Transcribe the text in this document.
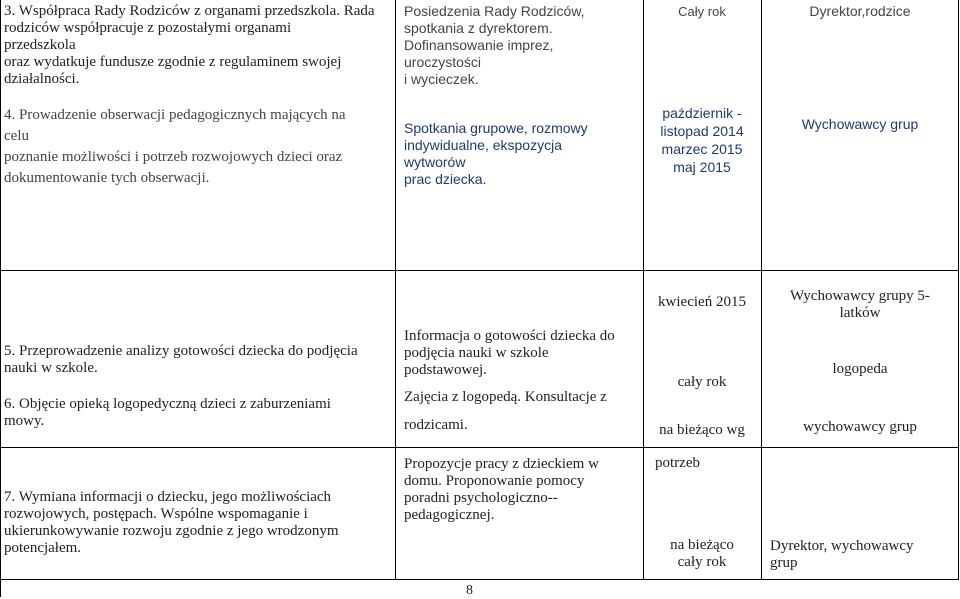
3. Współpraca Rady Rodziców z organami przedszkola. Rada
rodziców współpracuje z pozostałymi organami
przedszkola
oraz wydatkuje fundusze zgodnie z regulaminem swojej
działalności.

4. Prowadzenie obserwacji pedagogicznych mających na
celu
poznanie możliwości i potrzeb rozwojowych dzieci oraz
dokumentowanie tych obserwacji.

Posiedzenia Rady Rodziców,
spotkania z dyrektorem.
Dofinansowanie imprez,
uroczystości
i wycieczek.

Spotkania grupowe, rozmowy
indywidualne, ekspozycja
wytworów
prac dziecka.

Cały rok

październik -
listopad 2014
marzec 2015
maj 2015

Dyrektor,rodzice

Wychowawcy grup

5. Przeprowadzenie analizy gotowości dziecka do podjęcia
nauki w szkole.

6. Objęcie opieką logopedyczną dzieci z zaburzeniami
mowy.

Informacja o gotowości dziecka do
podjęcia nauki w szkole
podstawowej.

Zajęcia z logopedą. Konsultacje z

rodzicami.

kwiecień 2015

cały rok

na bieżąco wg

Wychowawcy grupy 5-
latków

logopeda

wychowawcy grup

7. Wymiana informacji o dziecku, jego możliwościach
rozwojowych, postępach. Wspólne wspomaganie i
ukierunkowywanie rozwoju zgodnie z jego wrodzonym
potencjałem.

Propozycje pracy z dzieckiem w
domu. Proponowanie pomocy
poradni psychologiczno--
pedagogicznej.

potrzeb

na bieżąco
cały rok

Dyrektor, wychowawcy
grup

8
